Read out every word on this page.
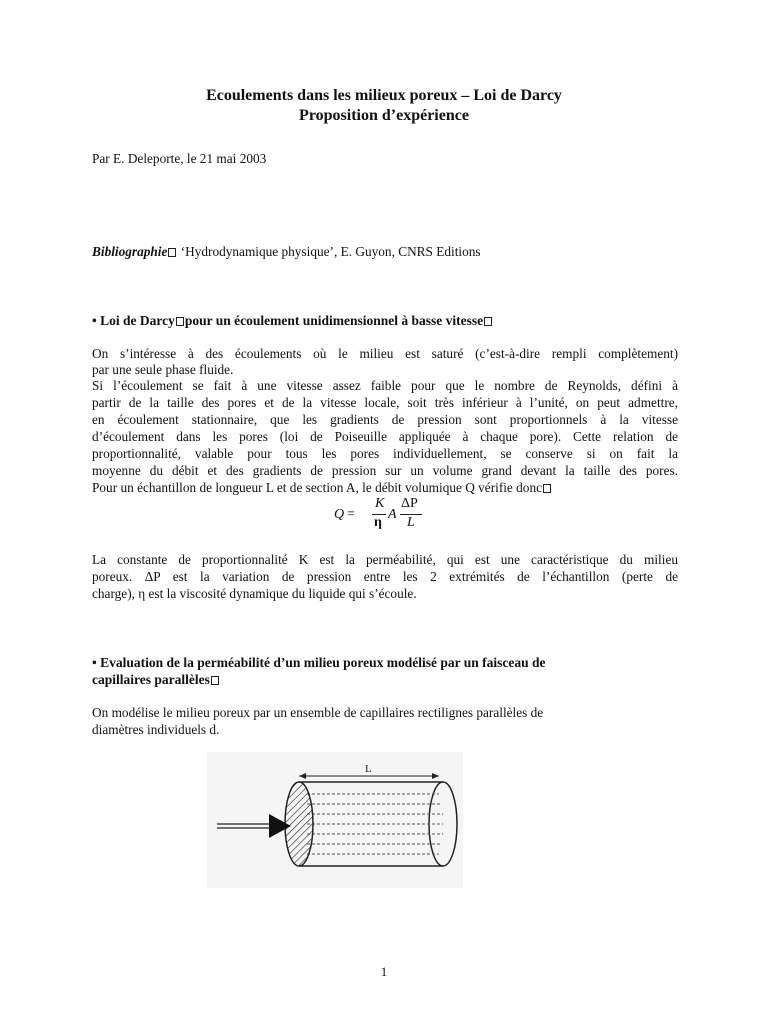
Ecoulements dans les milieux poreux – Loi de Darcy
Proposition d’expérience
Par E. Deleporte, le 21 mai 2003
Bibliographie ‘Hydrodynamique physique’, E. Guyon, CNRS Editions
• Loi de Darcy pour un écoulement unidimensionnel à basse vitesse
On s’intéresse à des écoulements où le milieu est saturé (c’est-à-dire rempli complètement)
par une seule phase fluide.
Si l’écoulement se fait à une vitesse assez faible pour que le nombre de Reynolds, défini à
partir de la taille des pores et de la vitesse locale, soit très inférieur à l’unité, on peut admettre,
en écoulement stationnaire, que les gradients de pression sont proportionnels à la vitesse
d’écoulement dans les pores (loi de Poiseuille appliquée à chaque pore). Cette relation de
proportionnalité, valable pour tous les pores individuellement, se conserve si on fait la
moyenne du débit et des gradients de pression sur un volume grand devant la taille des pores.
Pour un échantillon de longueur L et de section A, le débit volumique Q vérifie donc
Q =
K
η
A
ΔP
L
La constante de proportionnalité K est la perméabilité, qui est une caractéristique du milieu
poreux. ΔP est la variation de pression entre les 2 extrémités de l’échantillon (perte de
charge), η est la viscosité dynamique du liquide qui s’écoule.
• Evaluation de la perméabilité d’un milieu poreux modélisé par un faisceau de
capillaires parallèles
On modélise le milieu poreux par un ensemble de capillaires rectilignes parallèles de
diamètres individuels d.
L
1
